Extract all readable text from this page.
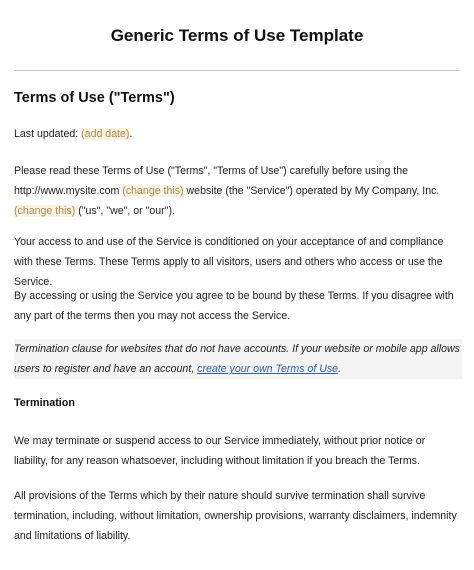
Generic Terms of Use Template
Terms of Use ("Terms")
Last updated: (add date).
Please read these Terms of Use ("Terms", "Terms of Use") carefully before using the
http://www.mysite.com (change this) website (the "Service") operated by My Company, Inc.
(change this) ("us", "we", or "our").
Your access to and use of the Service is conditioned on your acceptance of and compliance with these Terms. These Terms apply to all visitors, users and others who access or use the Service.
By accessing or using the Service you agree to be bound by these Terms. If you disagree with any part of the terms then you may not access the Service.
Termination clause for websites that do not have accounts. If your website or mobile app allows users to register and have an account, create your own Terms of Use.
Termination
We may terminate or suspend access to our Service immediately, without prior notice or liability, for any reason whatsoever, including without limitation if you breach the Terms.
All provisions of the Terms which by their nature should survive termination shall survive termination, including, without limitation, ownership provisions, warranty disclaimers, indemnity and limitations of liability.
